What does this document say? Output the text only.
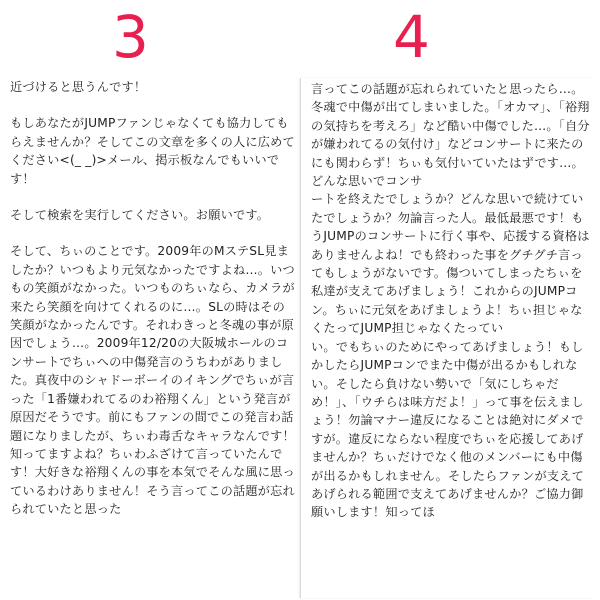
3	4

近づけると思うんです！

もしあなたがJUMPファンじゃなくても協力してもらえませんか？そしてこの文章を多くの人に広めてください<(_ _)>メール、掲示板なんでもいいです！

そして検索を実行してください。お願いです。

そして、ちぃのことです。2009年のMステSL見ましたか？いつもより元気なかったですよね…。いつもの笑顔がなかった。いつものちぃなら、カメラが来たら笑顔を向けてくれるのに…。SLの時はその笑顔がなかったんです。それわきっと冬魂の事が原因でしょう…。2009年12/20の大阪城ホールのコンサートでちぃへの中傷発言のうちわがありました。真夜中のシャドーボーイのイキングでちぃが言った「1番嫌われてるのわ裕翔くん」という発言が原因だそうです。前にもファンの間でこの発言わ話題になりましたが、ちぃわ毒舌なキャラなんです！知ってますよね？ちぃわふざけて言っていたんです！大好きな裕翔くんの事を本気でそんな風に思っているわけありません！そう言ってこの話題が忘れられていたと思った

言ってこの話題が忘れられていたと思ったら…。冬魂で中傷が出てしまいました。「オカマ」、「裕翔の気持ちを考えろ」など酷い中傷でした…。「自分が嫌われてるの気付け」などコンサートに来たのにも関わらず！ちぃも気付いていたはずです…。どんな思いでコンサ
ートを終えたでしょうか？どんな思いで続けていたでしょうか？勿論言った人。最低最悪です！もうJUMPのコンサートに行く事や、応援する資格はありませんよね！でも終わった事をグチグチ言ってもしょうがないです。傷ついてしまったちぃを私達が支えてあげましょう！これからのJUMPコン。ちぃに元気をあげましょうよ！ちぃ担じゃなくたってJUMP担じゃなくたってい
い。でもちぃのためにやってあげましょう！もしかしたらJUMPコンでまた中傷が出るかもしれない。そしたら負けない勢いで「気にしちゃだめ！」、「ウチらは味方だよ！」って事を伝えましょう！勿論マナー違反になることは絶対にダメですが。違反にならない程度でちぃを応援してあげませんか？ちぃだけでなく他のメンバーにも中傷が出るかもしれません。そしたらファンが支えてあげられる範囲で支えてあげませんか？ご協力御願いします！知ってほ
